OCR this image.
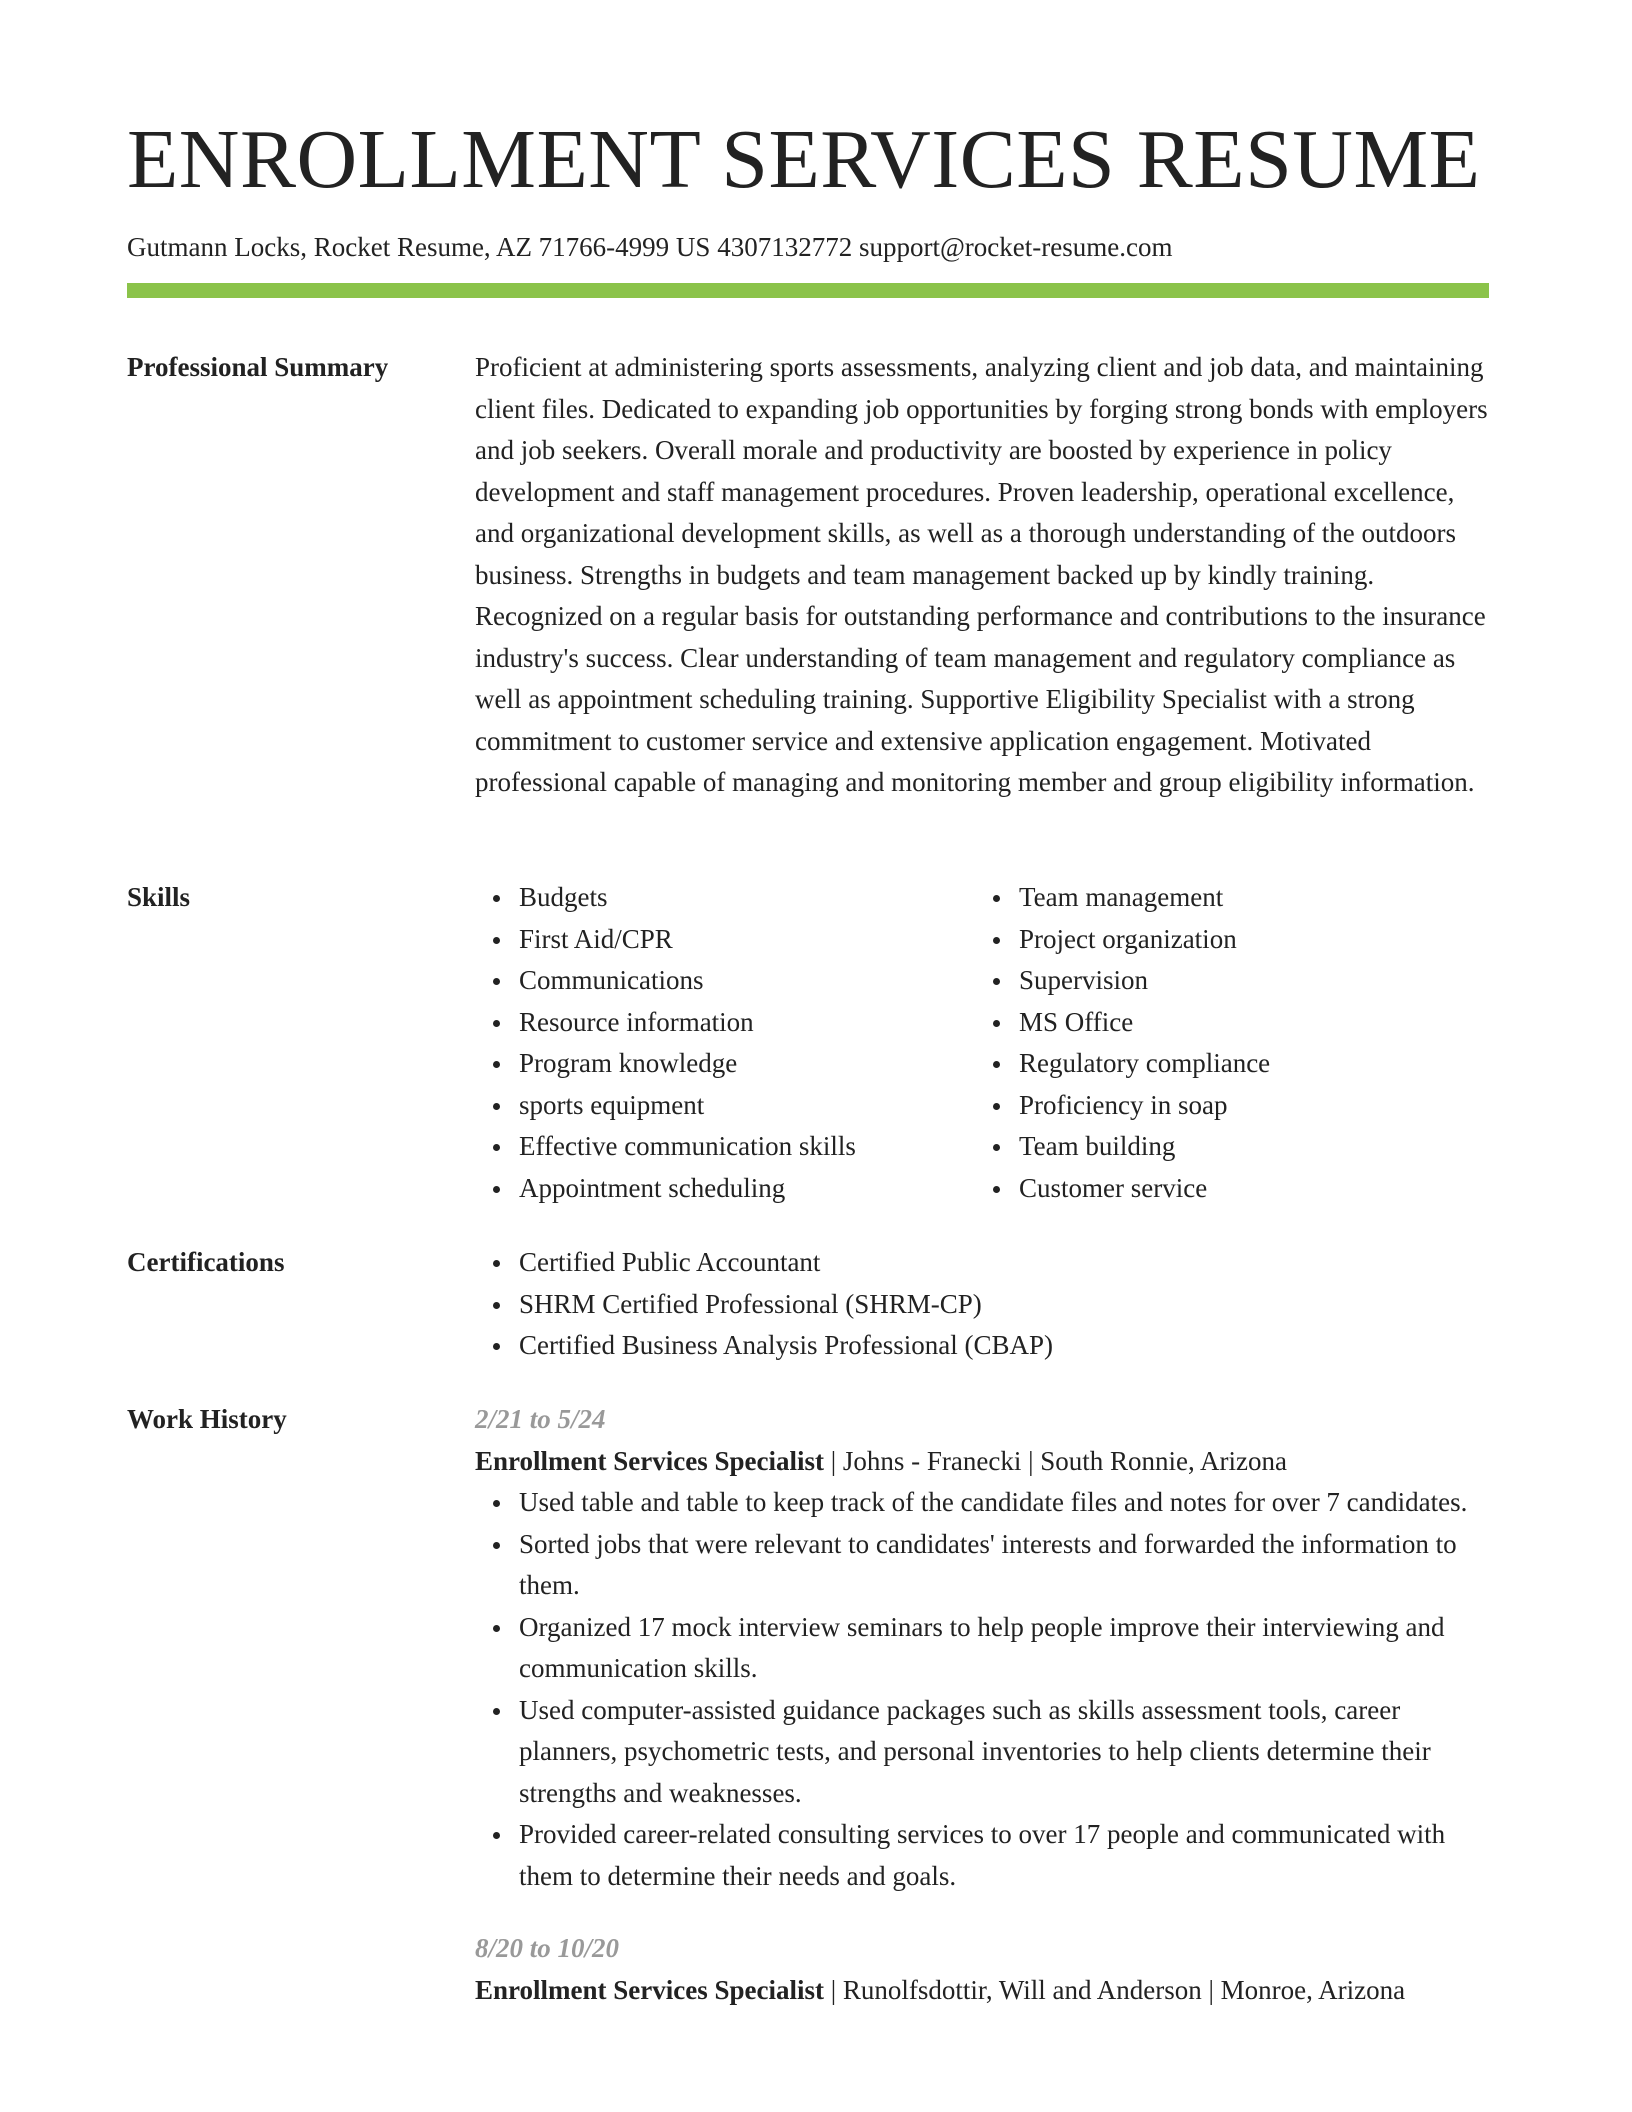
ENROLLMENT SERVICES RESUME
Gutmann Locks, Rocket Resume, AZ 71766-4999 US 4307132772 support@rocket-resume.com
Professional Summary	Proficient at administering sports assessments, analyzing client and job data, and maintaining client files. Dedicated to expanding job opportunities by forging strong bonds with employers and job seekers. Overall morale and productivity are boosted by experience in policy development and staff management procedures. Proven leadership, operational excellence, and organizational development skills, as well as a thorough understanding of the outdoors business. Strengths in budgets and team management backed up by kindly training. Recognized on a regular basis for outstanding performance and contributions to the insurance industry's success. Clear understanding of team management and regulatory compliance as well as appointment scheduling training. Supportive Eligibility Specialist with a strong commitment to customer service and extensive application engagement. Motivated professional capable of managing and monitoring member and group eligibility information.

Skills	Budgets
First Aid/CPR
Communications
Resource information
Program knowledge
sports equipment
Effective communication skills
Appointment scheduling
Team management
Project organization
Supervision
MS Office
Regulatory compliance
Proficiency in soap
Team building
Customer service
Certifications	Certified Public Accountant
SHRM Certified Professional (SHRM-CP)
Certified Business Analysis Professional (CBAP)
Work History	2/21 to 5/24
Enrollment Services Specialist | Johns - Franecki | South Ronnie, Arizona
Used table and table to keep track of the candidate files and notes for over 7 candidates.
Sorted jobs that were relevant to candidates' interests and forwarded the information to them.
Organized 17 mock interview seminars to help people improve their interviewing and communication skills.
Used computer-assisted guidance packages such as skills assessment tools, career planners, psychometric tests, and personal inventories to help clients determine their strengths and weaknesses.
Provided career-related consulting services to over 17 people and communicated with them to determine their needs and goals.
8/20 to 10/20
Enrollment Services Specialist | Runolfsdottir, Will and Anderson | Monroe, Arizona
